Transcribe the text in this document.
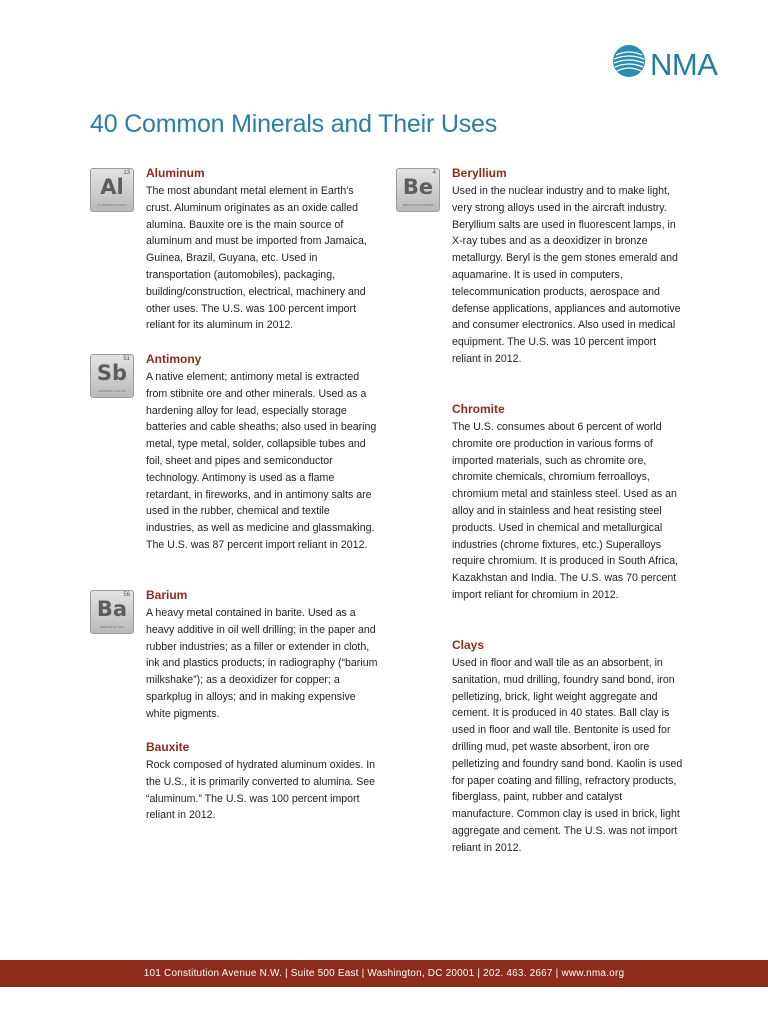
NMA
40 Common Minerals and Their Uses
13
Al
ALUMINUM 26.98154

Aluminum

The most abundant metal element in Earth's crust. Aluminum originates as an oxide called alumina. Bauxite ore is the main source of aluminum and must be imported from Jamaica, Guinea, Brazil, Guyana, etc. Used in transportation (automobiles), packaging, building/construction, electrical, machinery and other uses. The U.S. was 100 percent import reliant for its aluminum in 2012.

51
Sb
ANTIMONY 121.760

Antimony

A native element; antimony metal is extracted from stibnite ore and other minerals. Used as a hardening alloy for lead, especially storage batteries and cable sheaths; also used in bearing metal, type metal, solder, collapsible tubes and foil, sheet and pipes and semiconductor technology. Antimony is used as a flame retardant, in fireworks, and in antimony salts are used in the rubber, chemical and textile industries, as well as medicine and glassmaking. The U.S. was 87 percent import reliant in 2012.

56
Ba
BARIUM 137.327

Barium

A heavy metal contained in barite. Used as a heavy additive in oil well drilling; in the paper and rubber industries; as a filler or extender in cloth, ink and plastics products; in radiography (“barium milkshake”); as a deoxidizer for copper; a sparkplug in alloys; and in making expensive white pigments.

Bauxite

Rock composed of hydrated aluminum oxides. In the U.S., it is primarily converted to alumina. See “aluminum.” The U.S. was 100 percent import reliant in 2012.

4
Be
BERYLLIUM 9.012182

Beryllium

Used in the nuclear industry and to make light, very strong alloys used in the aircraft industry. Beryllium salts are used in fluorescent lamps, in X-ray tubes and as a deoxidizer in bronze metallurgy. Beryl is the gem stones emerald and aquamarine. It is used in computers, telecommunication products, aerospace and defense applications, appliances and automotive and consumer electronics. Also used in medical equipment. The U.S. was 10 percent import reliant in 2012.

Chromite

The U.S. consumes about 6 percent of world chromite ore production in various forms of imported materials, such as chromite ore, chromite chemicals, chromium ferroalloys, chromium metal and stainless steel. Used as an alloy and in stainless and heat resisting steel products. Used in chemical and metallurgical industries (chrome fixtures, etc.) Superalloys require chromium. It is produced in South Africa, Kazakhstan and India. The U.S. was 70 percent import reliant for chromium in 2012.

Clays

Used in floor and wall tile as an absorbent, in sanitation, mud drilling, foundry sand bond, iron pelletizing, brick, light weight aggregate and cement. It is produced in 40 states. Ball clay is used in floor and wall tile. Bentonite is used for drilling mud, pet waste absorbent, iron ore pelletizing and foundry sand bond. Kaolin is used for paper coating and filling, refractory products, fiberglass, paint, rubber and catalyst manufacture. Common clay is used in brick, light aggregate and cement. The U.S. was not import reliant in 2012.

101 Constitution Avenue N.W. | Suite 500 East | Washington, DC 20001 | 202. 463. 2667 | www.nma.org
